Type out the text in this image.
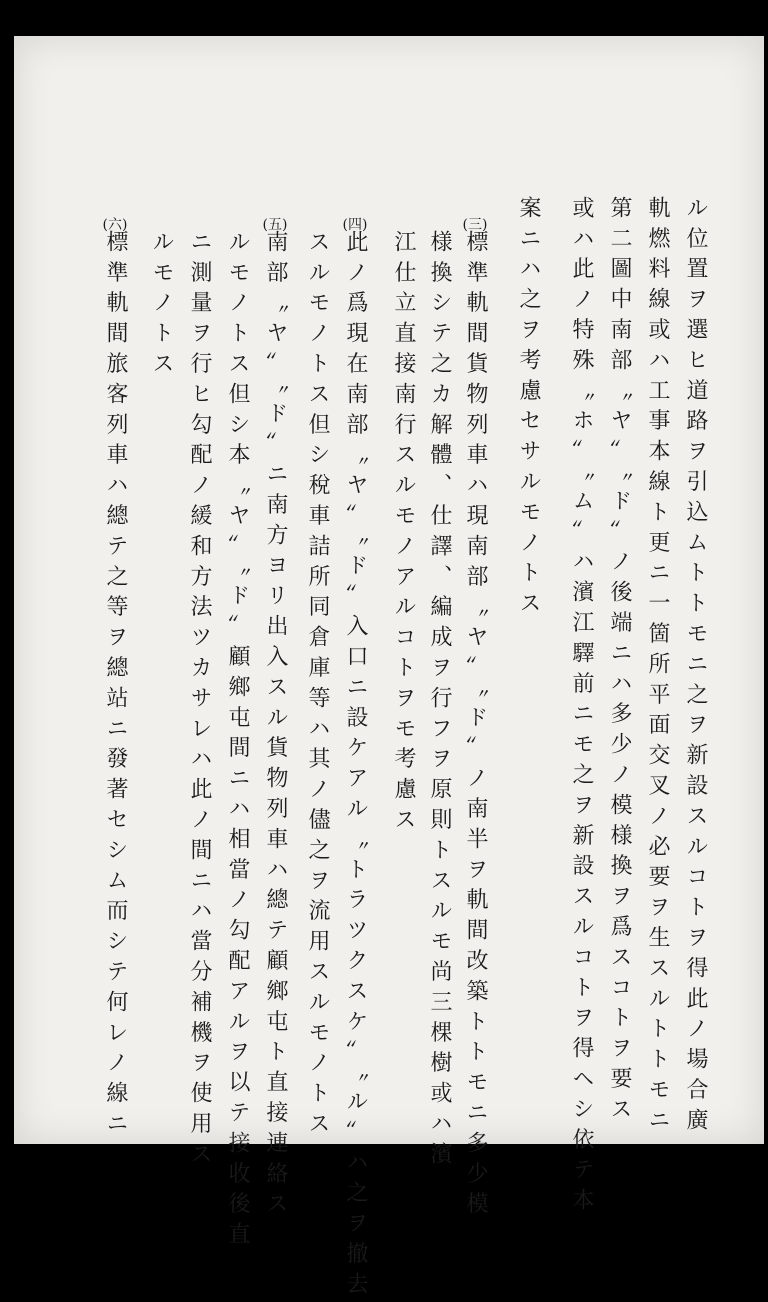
ル位置ヲ選ヒ道路ヲ引込ムトトモニ之ヲ新設スルコトヲ得此ノ場合廣
軌燃料線或ハ工事本線ト更ニ一箇所平面交叉ノ必要ヲ生スルトトモニ
第二圖中南部〝ヤ〟〝ド〟ノ後端ニハ多少ノ模様換ヲ爲スコトヲ要ス
或ハ此ノ特殊〝ホ〟〝ム〟ハ濱江驛前ニモ之ヲ新設スルコトヲ得ヘシ依テ本
案ニハ之ヲ考慮セサルモノトス
(三)
標準軌間貨物列車ハ現南部〝ヤ〟〝ド〟ノ南半ヲ軌間改築トトモニ多少模
様換シテ之カ解體、仕譯、編成ヲ行フヲ原則トスルモ尚三棵樹或ハ濱
江仕立直接南行スルモノアルコトヲモ考慮ス
(四)
此ノ爲現在南部〝ヤ〟〝ド〟入口ニ設ケアル〝トラツクスケ〟〝ル〟ハ之ヲ撤去
スルモノトス但シ稅車詰所同倉庫等ハ其ノ儘之ヲ流用スルモノトス
(五)
南部〝ヤ〟〝ド〟ニ南方ヨリ出入スル貨物列車ハ總テ顧鄉屯ト直接連絡ス
ルモノトス但シ本〝ヤ〟〝ド〟顧鄉屯間ニハ相當ノ勾配アルヲ以テ接收後直
ニ測量ヲ行ヒ勾配ノ緩和方法ツカサレハ此ノ間ニハ當分補機ヲ使用ス
ルモノトス
(六)
標準軌間旅客列車ハ總テ之等ヲ總站ニ發著セシム而シテ何レノ線ニ
